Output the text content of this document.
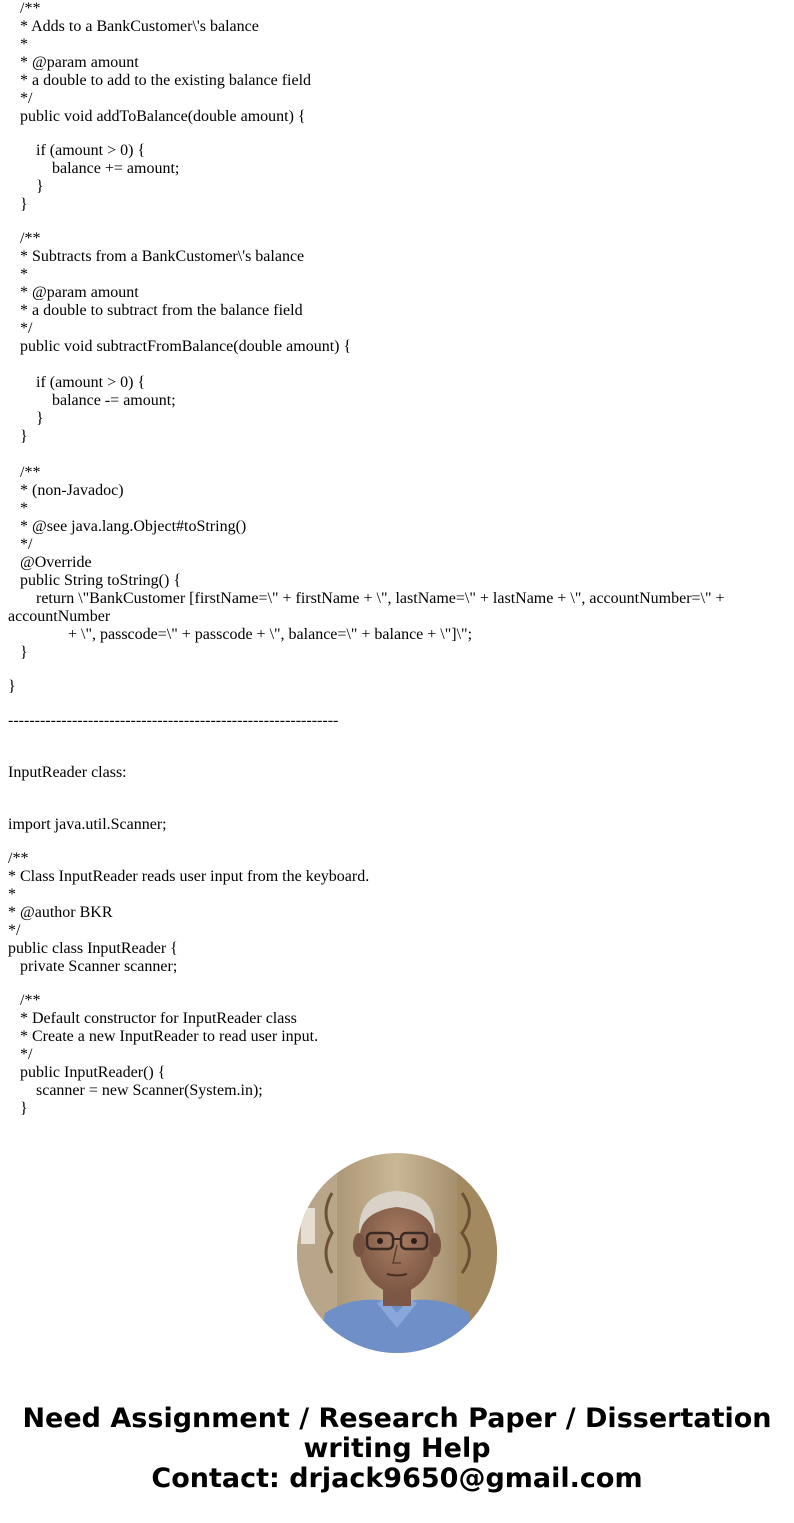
/**
* Adds to a BankCustomer\'s balance
*
* @param amount
* a double to add to the existing balance field
*/
public void addToBalance(double amount) {
if (amount > 0) {
balance += amount;
}
}
/**
* Subtracts from a BankCustomer\'s balance
*
* @param amount
* a double to subtract from the balance field
*/
public void subtractFromBalance(double amount) {
if (amount > 0) {
balance -= amount;
}
}
/**
* (non-Javadoc)
*
* @see java.lang.Object#toString()
*/
@Override
public String toString() {
return \"BankCustomer [firstName=\" + firstName + \", lastName=\" + lastName + \", accountNumber=\" +
accountNumber
+ \", passcode=\" + passcode + \", balance=\" + balance + \"]\";
}
}
--------------------------------------------------------------
InputReader class:
import java.util.Scanner;
/**
* Class InputReader reads user input from the keyboard.
*
* @author BKR
*/
public class InputReader {
private Scanner scanner;
/**
* Default constructor for InputReader class
* Create a new InputReader to read user input.
*/
public InputReader() {
scanner = new Scanner(System.in);
}
Need Assignment / Research Paper / Dissertation
writing Help
Contact: drjack9650@gmail.com
